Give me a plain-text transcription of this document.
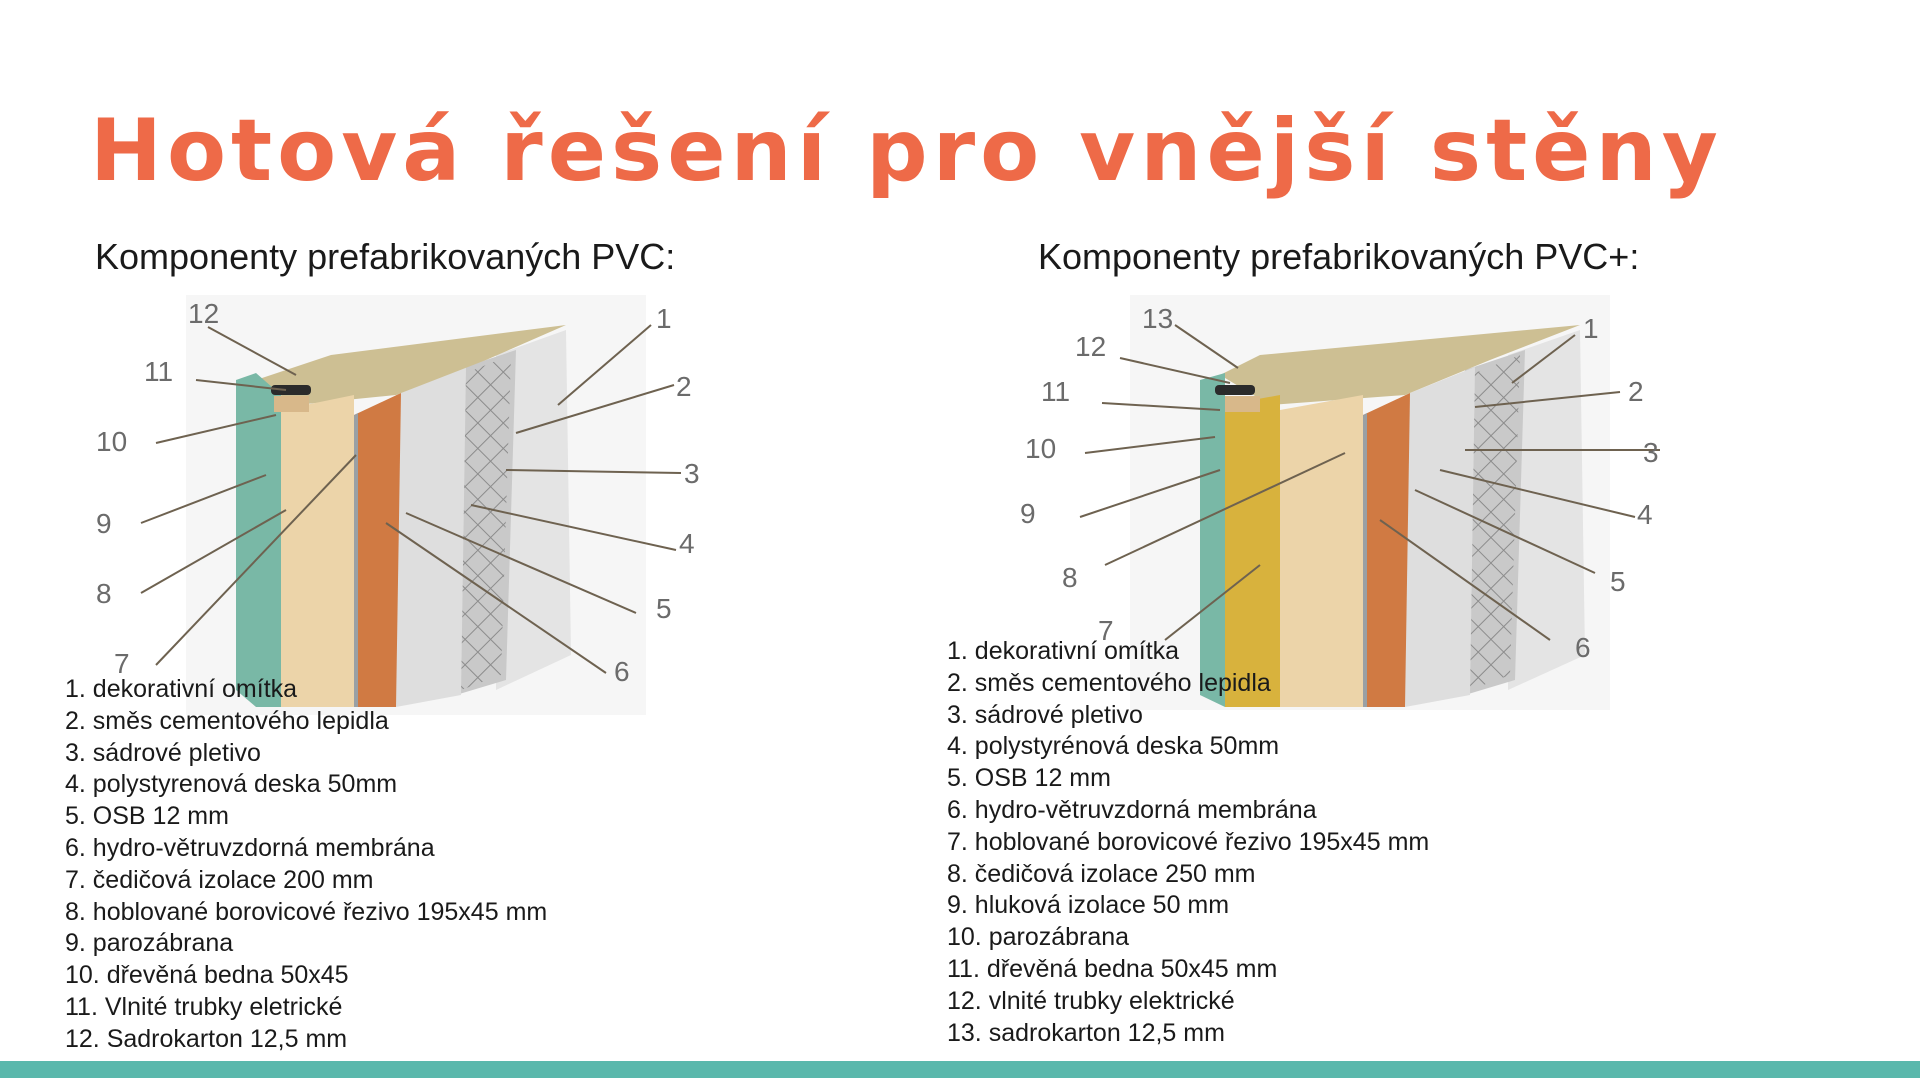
Hotová řešení pro vnější stěny
Komponenty prefabrikovaných PVC:	Komponenty prefabrikovaných PVC+:
1
2
3
4
5
6
7
8
9
10
11
12	1
2
3
4
5
6
7
8
9
10
11
12
13
1. dekorativní omítka
2. směs cementového lepidla
3. sádrové pletivo
4. polystyrenová deska 50mm
5. OSB 12 mm
6. hydro-větruvzdorná membrána
7. čedičová izolace 200 mm
8. hoblované borovicové řezivo 195x45 mm
9. parozábrana
10. dřevěná bedna 50x45
11. Vlnité trubky eletrické
12. Sadrokarton 12,5 mm
1. dekorativní omítka
2. směs cementového lepidla
3. sádrové pletivo
4. polystyrénová deska 50mm
5. OSB 12 mm
6. hydro-větruvzdorná membrána
7. hoblované borovicové řezivo 195x45 mm
8. čedičová izolace 250 mm
9. hluková izolace 50 mm
10. parozábrana
11. dřevěná bedna 50x45 mm
12. vlnité trubky elektrické
13. sadrokarton 12,5 mm
